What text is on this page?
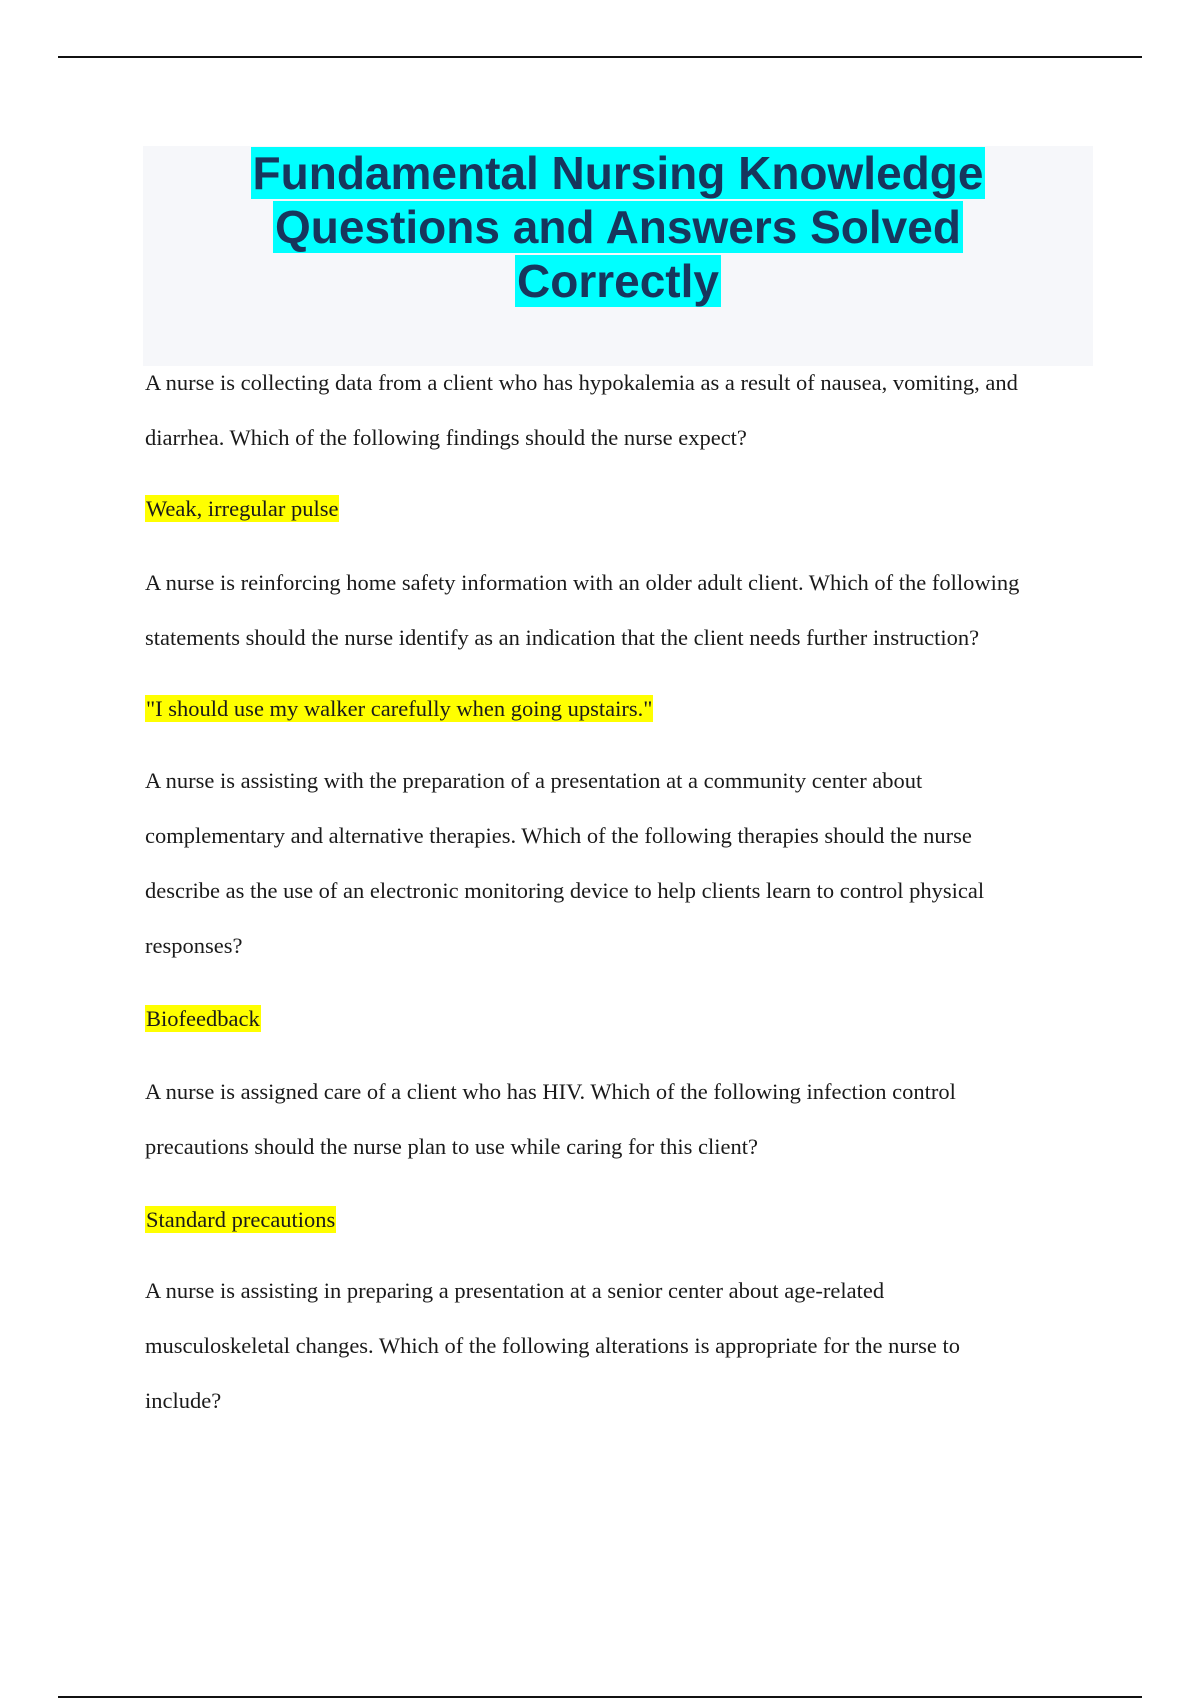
Fundamental Nursing Knowledge
Questions and Answers Solved
Correctly

A nurse is collecting data from a client who has hypokalemia as a result of nausea, vomiting, and diarrhea. Which of the following findings should the nurse expect?

Weak, irregular pulse

A nurse is reinforcing home safety information with an older adult client. Which of the following statements should the nurse identify as an indication that the client needs further instruction?

"I should use my walker carefully when going upstairs."

A nurse is assisting with the preparation of a presentation at a community center about complementary and alternative therapies. Which of the following therapies should the nurse describe as the use of an electronic monitoring device to help clients learn to control physical responses?

Biofeedback

A nurse is assigned care of a client who has HIV. Which of the following infection control precautions should the nurse plan to use while caring for this client?

Standard precautions

A nurse is assisting in preparing a presentation at a senior center about age-related musculoskeletal changes. Which of the following alterations is appropriate for the nurse to include?
